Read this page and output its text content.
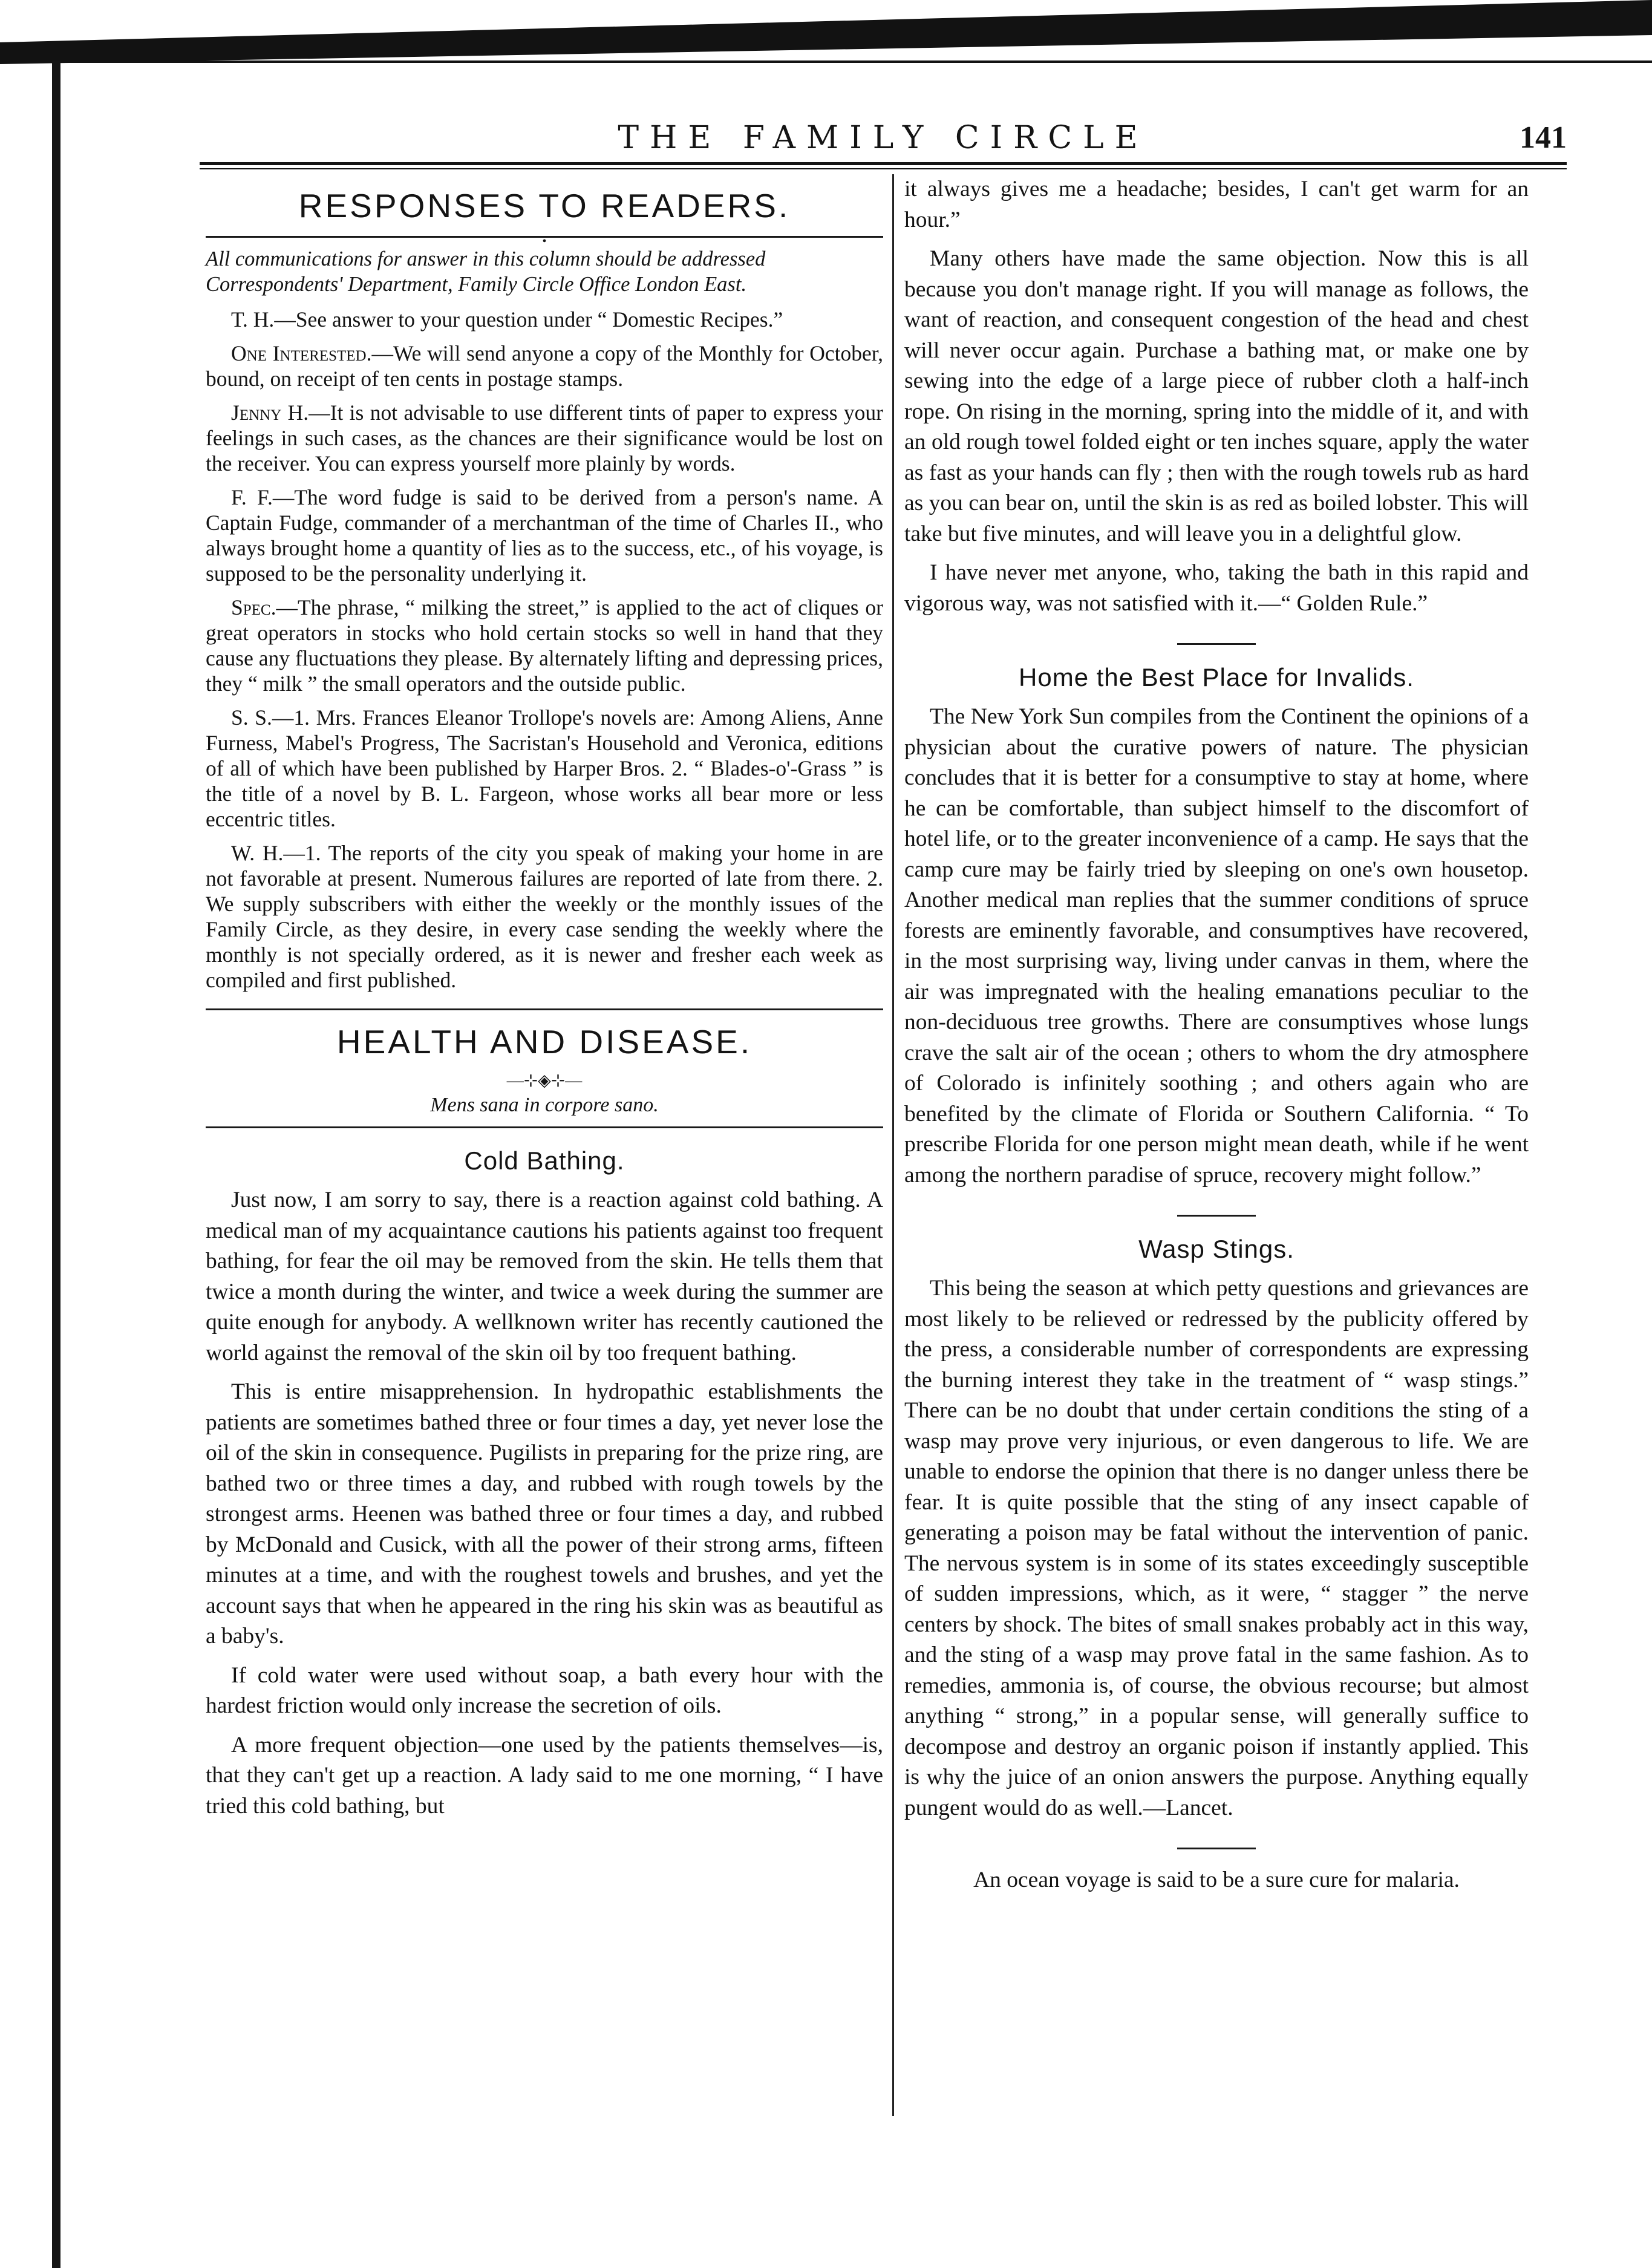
THE FAMILY CIRCLE	141
RESPONSES TO READERS.
•
All communications for answer in this column should be addressed Correspondents' Department, Family Circle Office London East.

T. H.—See answer to your question under “ Domestic Recipes.”

One Interested.—We will send anyone a copy of the Monthly for October, bound, on receipt of ten cents in postage stamps.

Jenny H.—It is not advisable to use different tints of paper to express your feelings in such cases, as the chances are their significance would be lost on the receiver. You can express yourself more plainly by words.

F. F.—The word fudge is said to be derived from a person's name. A Captain Fudge, commander of a merchantman of the time of Charles II., who always brought home a quantity of lies as to the success, etc., of his voyage, is supposed to be the personality underlying it.

Spec.—The phrase, “ milking the street,” is applied to the act of cliques or great operators in stocks who hold certain stocks so well in hand that they cause any fluctuations they please. By alternately lifting and depressing prices, they “ milk ” the small operators and the outside public.

S. S.—1. Mrs. Frances Eleanor Trollope's novels are: Among Aliens, Anne Furness, Mabel's Progress, The Sacristan's Household and Veronica, editions of all of which have been published by Harper Bros. 2. “ Blades-o'-Grass ” is the title of a novel by B. L. Fargeon, whose works all bear more or less eccentric titles.

W. H.—1. The reports of the city you speak of making your home in are not favorable at present. Numerous failures are reported of late from there. 2. We supply subscribers with either the weekly or the monthly issues of the Family Circle, as they desire, in every case sending the weekly where the monthly is not specially ordered, as it is newer and fresher each week as compiled and first published.

HEALTH AND DISEASE.
—⊹◈⊹—
Mens sana in corpore sano.
Cold Bathing.

Just now, I am sorry to say, there is a reaction against cold bathing. A medical man of my acquaintance cautions his patients against too frequent bathing, for fear the oil may be removed from the skin. He tells them that twice a month during the winter, and twice a week during the summer are quite enough for anybody. A wellknown writer has recently cautioned the world against the removal of the skin oil by too frequent bathing.

This is entire misapprehension. In hydropathic establishments the patients are sometimes bathed three or four times a day, yet never lose the oil of the skin in consequence. Pugilists in preparing for the prize ring, are bathed two or three times a day, and rubbed with rough towels by the strongest arms. Heenen was bathed three or four times a day, and rubbed by McDonald and Cusick, with all the power of their strong arms, fifteen minutes at a time, and with the roughest towels and brushes, and yet the account says that when he appeared in the ring his skin was as beautiful as a baby's.

If cold water were used without soap, a bath every hour with the hardest friction would only increase the secretion of oils.

A more frequent objection—one used by the patients themselves—is, that they can't get up a reaction. A lady said to me one morning, “ I have tried this cold bathing, but

it always gives me a headache; besides, I can't get warm for an hour.”

Many others have made the same objection. Now this is all because you don't manage right. If you will manage as follows, the want of reaction, and consequent congestion of the head and chest will never occur again. Purchase a bathing mat, or make one by sewing into the edge of a large piece of rubber cloth a half-inch rope. On rising in the morning, spring into the middle of it, and with an old rough towel folded eight or ten inches square, apply the water as fast as your hands can fly ; then with the rough towels rub as hard as you can bear on, until the skin is as red as boiled lobster. This will take but five minutes, and will leave you in a delightful glow.

I have never met anyone, who, taking the bath in this rapid and vigorous way, was not satisfied with it.—“ Golden Rule.”

Home the Best Place for Invalids.

The New York Sun compiles from the Continent the opinions of a physician about the curative powers of nature. The physician concludes that it is better for a consumptive to stay at home, where he can be comfortable, than subject himself to the discomfort of hotel life, or to the greater inconvenience of a camp. He says that the camp cure may be fairly tried by sleeping on one's own housetop. Another medical man replies that the summer conditions of spruce forests are eminently favorable, and consumptives have recovered, in the most surprising way, living under canvas in them, where the air was impregnated with the healing emanations peculiar to the non-deciduous tree growths. There are consumptives whose lungs crave the salt air of the ocean ; others to whom the dry atmosphere of Colorado is infinitely soothing ; and others again who are benefited by the climate of Florida or Southern California. “ To prescribe Florida for one person might mean death, while if he went among the northern paradise of spruce, recovery might follow.”

Wasp Stings.

This being the season at which petty questions and grievances are most likely to be relieved or redressed by the publicity offered by the press, a considerable number of correspondents are expressing the burning interest they take in the treatment of “ wasp stings.” There can be no doubt that under certain conditions the sting of a wasp may prove very injurious, or even dangerous to life. We are unable to endorse the opinion that there is no danger unless there be fear. It is quite possible that the sting of any insect capable of generating a poison may be fatal without the intervention of panic. The nervous system is in some of its states exceedingly susceptible of sudden impressions, which, as it were, “ stagger ” the nerve centers by shock. The bites of small snakes probably act in this way, and the sting of a wasp may prove fatal in the same fashion. As to remedies, ammonia is, of course, the obvious recourse; but almost anything “ strong,” in a popular sense, will generally suffice to decompose and destroy an organic poison if instantly applied. This is why the juice of an onion answers the purpose. Anything equally pungent would do as well.—Lancet.

An ocean voyage is said to be a sure cure for malaria.
